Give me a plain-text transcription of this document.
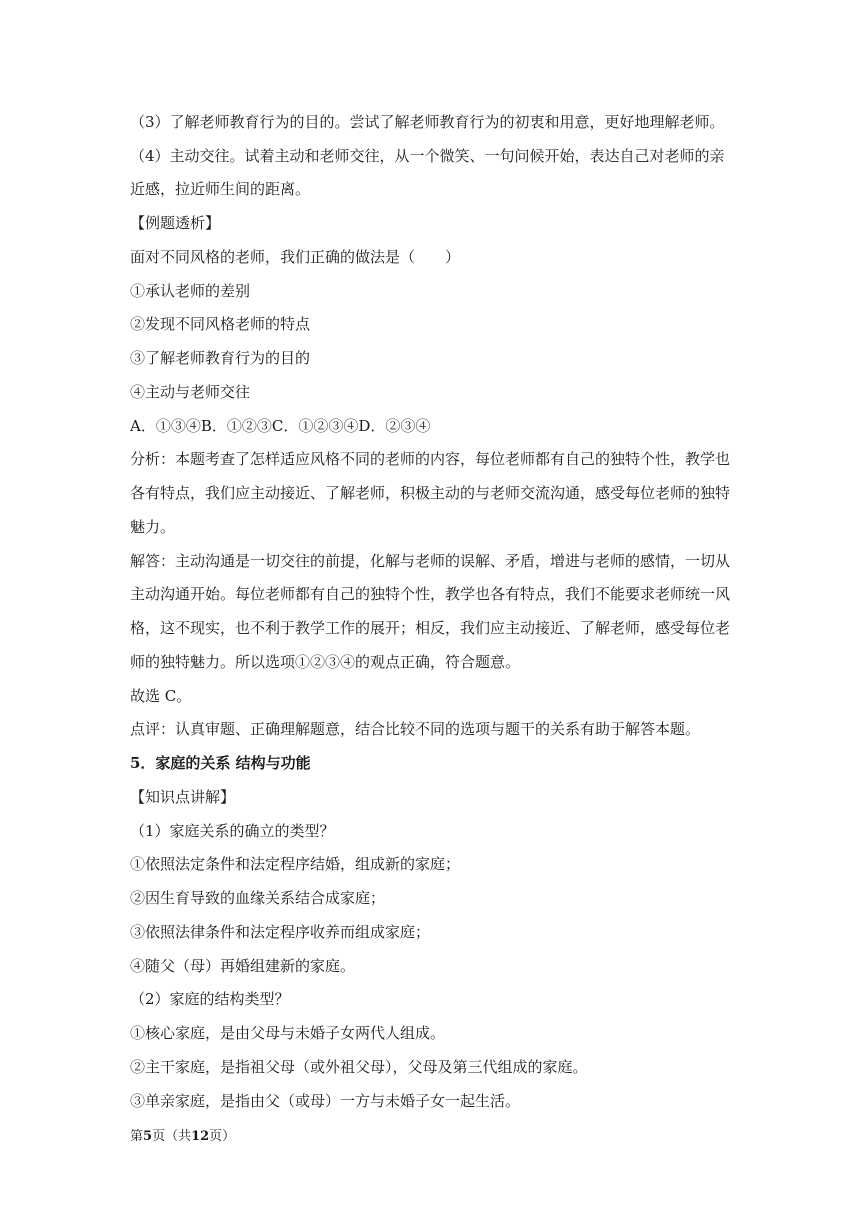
（3）了解老师教育行为的目的。尝试了解老师教育行为的初衷和用意，更好地理解老师。
（4）主动交往。试着主动和老师交往，从一个微笑、一句问候开始，表达自己对老师的亲
近感，拉近师生间的距离。
【例题透析】
面对不同风格的老师，我们正确的做法是（　　）
①承认老师的差别
②发现不同风格老师的特点
③了解老师教育行为的目的
④主动与老师交往
A．①③④B．①②③C．①②③④D．②③④
分析：本题考查了怎样适应风格不同的老师的内容，每位老师都有自己的独特个性，教学也
各有特点，我们应主动接近、了解老师，积极主动的与老师交流沟通，感受每位老师的独特
魅力。
解答：主动沟通是一切交往的前提，化解与老师的误解、矛盾，增进与老师的感情，一切从
主动沟通开始。每位老师都有自己的独特个性，教学也各有特点，我们不能要求老师统一风
格，这不现实，也不利于教学工作的展开；相反，我们应主动接近、了解老师，感受每位老
师的独特魅力。所以选项①②③④的观点正确，符合题意。
故选 C。
点评：认真审题、正确理解题意，结合比较不同的选项与题干的关系有助于解答本题。
5．家庭的关系 结构与功能
【知识点讲解】
（1）家庭关系的确立的类型？
①依照法定条件和法定程序结婚，组成新的家庭；
②因生育导致的血缘关系结合成家庭；
③依照法律条件和法定程序收养而组成家庭；
④随父（母）再婚组建新的家庭。
（2）家庭的结构类型？
①核心家庭，是由父母与未婚子女两代人组成。
②主干家庭，是指祖父母（或外祖父母），父母及第三代组成的家庭。
③单亲家庭，是指由父（或母）一方与未婚子女一起生活。
第5页（共12页）
